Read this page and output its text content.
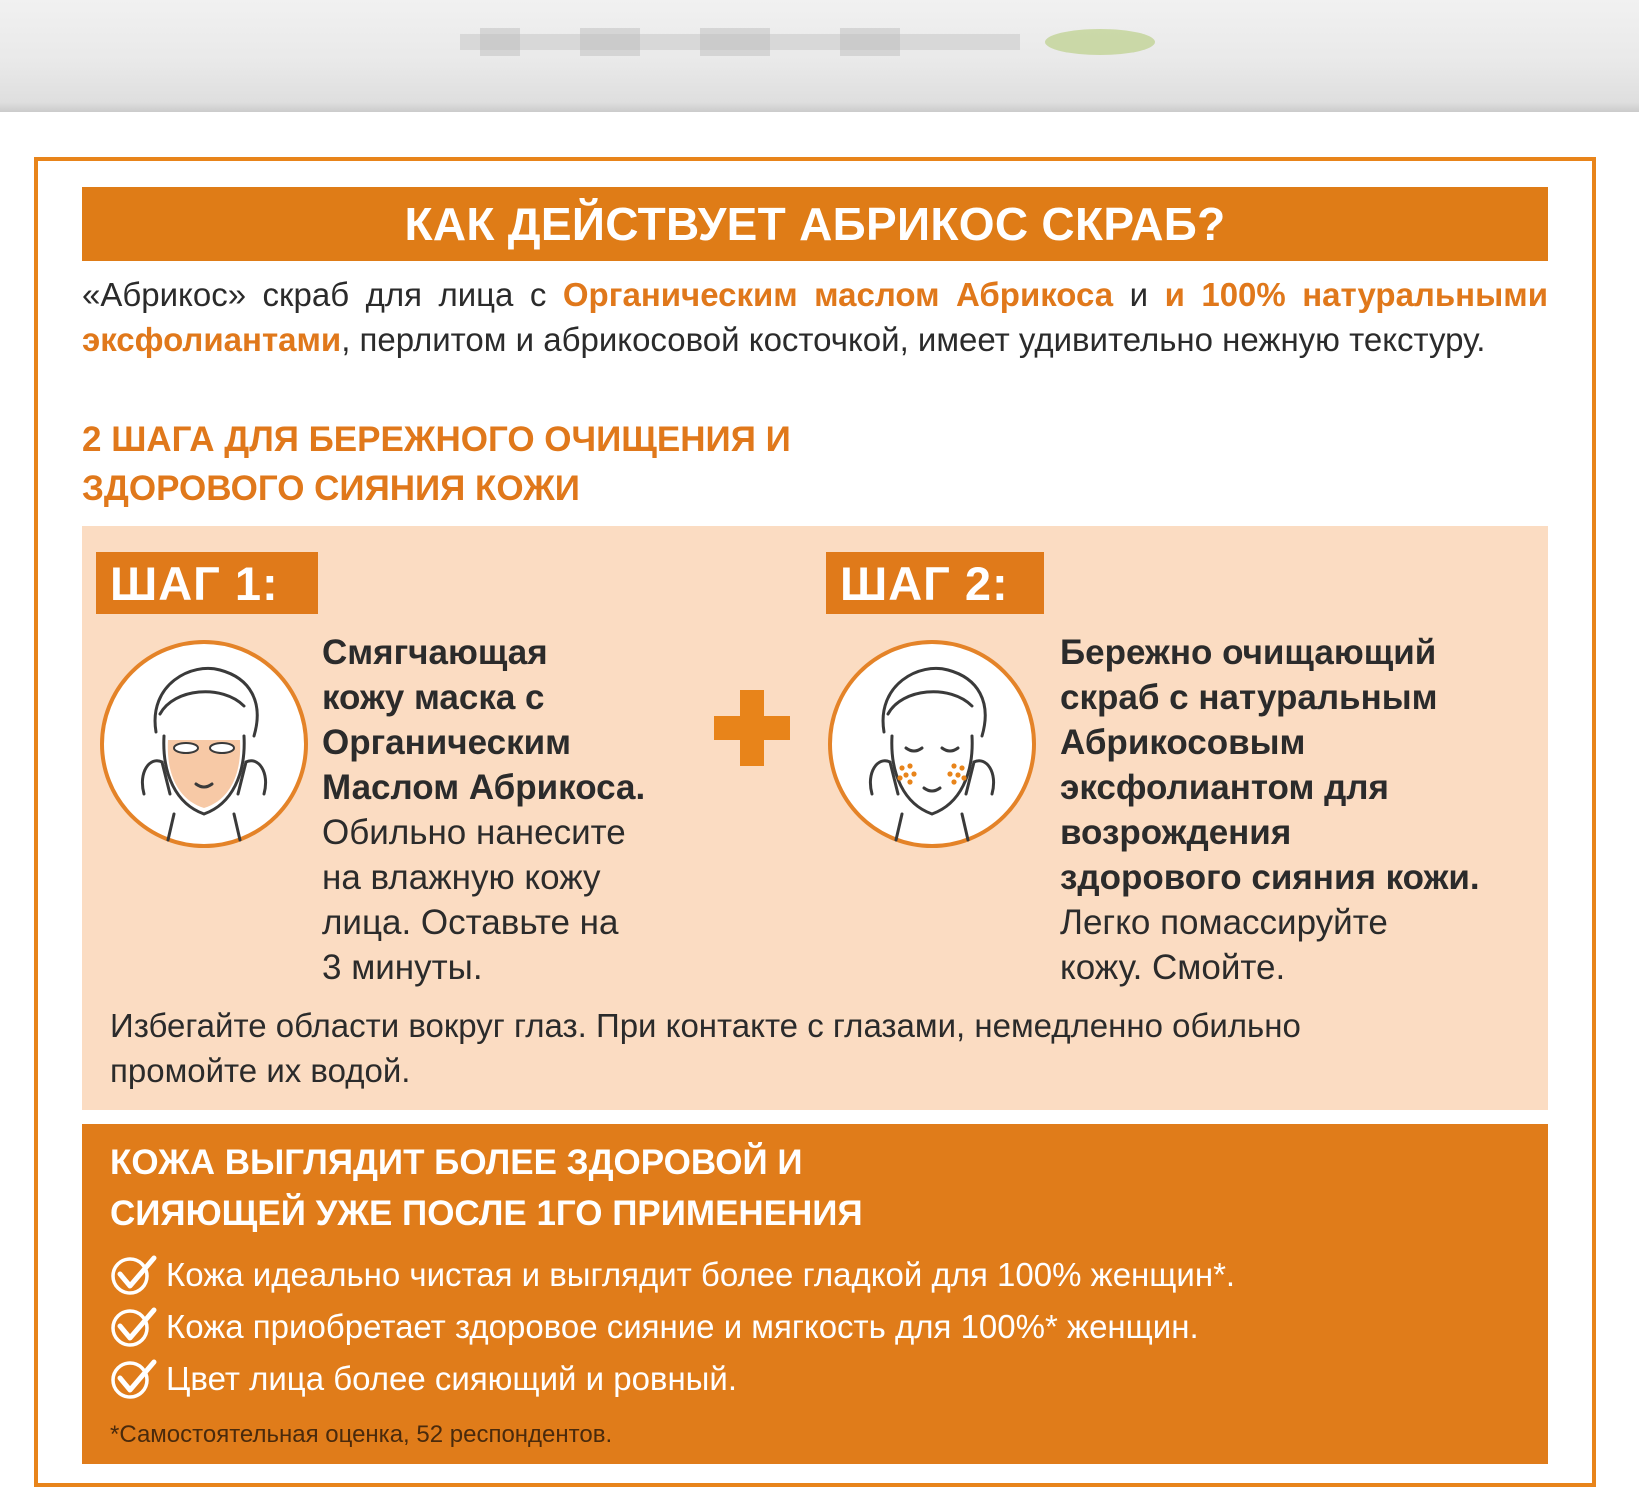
КАК ДЕЙСТВУЕТ АБРИКОС СКРАБ?

«Абрикос» скраб для лица с Органическим маслом Абрикоса и и 100% натуральными эксфолиантами, перлитом и абрикосовой косточкой, имеет удивительно нежную текстуру.

2 ШАГА ДЛЯ БЕРЕЖНОГО ОЧИЩЕНИЯ И
ЗДОРОВОГО СИЯНИЯ КОЖИ
ШАГ 1:	ШАГ 2:
Смягчающая
кожу маска с
Органическим
Маслом Абрикоса.
Обильно нанесите
на влажную кожу
лица. Оставьте на
3 минуты.
Бережно очищающий
скраб с натуральным
Абрикосовым
эксфолиантом для
возрождения
здорового сияния кожи.
Легко помассируйте
кожу. Смойте.
Избегайте области вокруг глаз. При контакте с глазами, немедленно обильно
промойте их водой.
КОЖА ВЫГЛЯДИТ БОЛЕЕ ЗДОРОВОЙ И
СИЯЮЩЕЙ УЖЕ ПОСЛЕ 1ГО ПРИМЕНЕНИЯ
Кожа идеально чистая и выглядит более гладкой для 100% женщин*.
Кожа приобретает здоровое сияние и мягкость для 100%* женщин.
Цвет лица более сияющий и ровный.
*Самостоятельная оценка, 52 респондентов.
